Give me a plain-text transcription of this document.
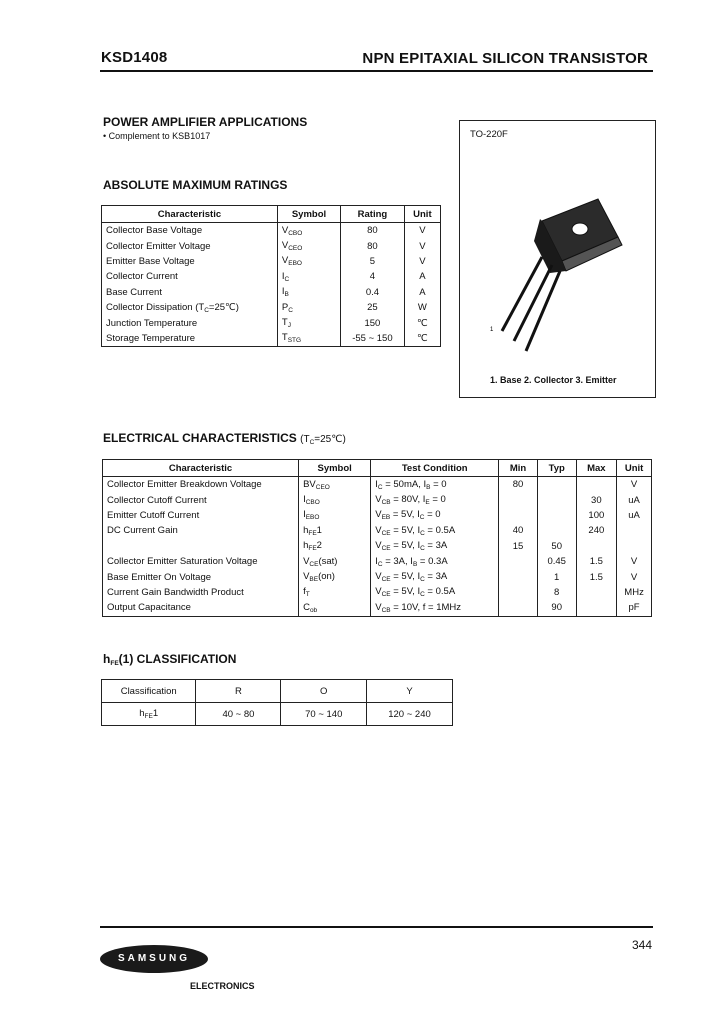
KSD1408	NPN EPITAXIAL SILICON TRANSISTOR
POWER AMPLIFIER APPLICATIONS
• Complement to KSB1017
ABSOLUTE MAXIMUM RATINGS
Characteristic	Symbol	Rating	Unit
Collector Base Voltage	$V_{CBO}$	80	V
Collector Emitter Voltage	$V_{CEO}$	80	V
Emitter Base Voltage	$V_{EBO}$	5	V
Collector Current	$I_C$	4	A
Base Current	$I_B$	0.4	A
Collector Dissipation $(T_C=25℃)$	$P_C$	25	W
Junction Temperature	$T_J$	150	℃
Storage Temperature	$T_{STG}$	-55 ~ 150	℃
TO-220F
1
1. Base 2. Collector 3. Emitter
ELECTRICAL CHARACTERISTICS $(T_C=25℃)$
Characteristic	Symbol	Test Condition	Min	Typ	Max	Unit
Collector Emitter Breakdown Voltage	$BV_{CEO}$	$I_C = 50mA$, $I_B = 0$	80			V
Collector Cutoff Current	$I_{CBO}$	$V_{CB} = 80V$, $I_E = 0$			30	uA
Emitter Cutoff Current	$I_{EBO}$	$V_{EB} = 5V$, $I_C = 0$			100	uA
DC Current Gain	$h_{FE}1$	$V_{CE} = 5V$, $I_C = 0.5A$	40		240	
	$h_{FE}2$	$V_{CE} = 5V$, $I_C = 3A$	15	50		
Collector Emitter Saturation Voltage	$V_{CE}(sat)$	$I_C = 3A$, $I_B = 0.3A$		0.45	1.5	V
Base Emitter On Voltage	$V_{BE}(on)$	$V_{CE} = 5V$, $I_C = 3A$		1	1.5	V
Current Gain Bandwidth Product	$f_T$	$V_{CE} = 5V$, $I_C = 0.5A$		8		MHz
Output Capacitance	$C_{ob}$	$V_{CB} = 10V$, f = 1MHz		90		pF
$h_{FE}(1)$ CLASSIFICATION
Classification	R	O	Y
$h_{FE}1$	40 ~ 80	70 ~ 140	120 ~ 240
SAMSUNG
ELECTRONICS
344
